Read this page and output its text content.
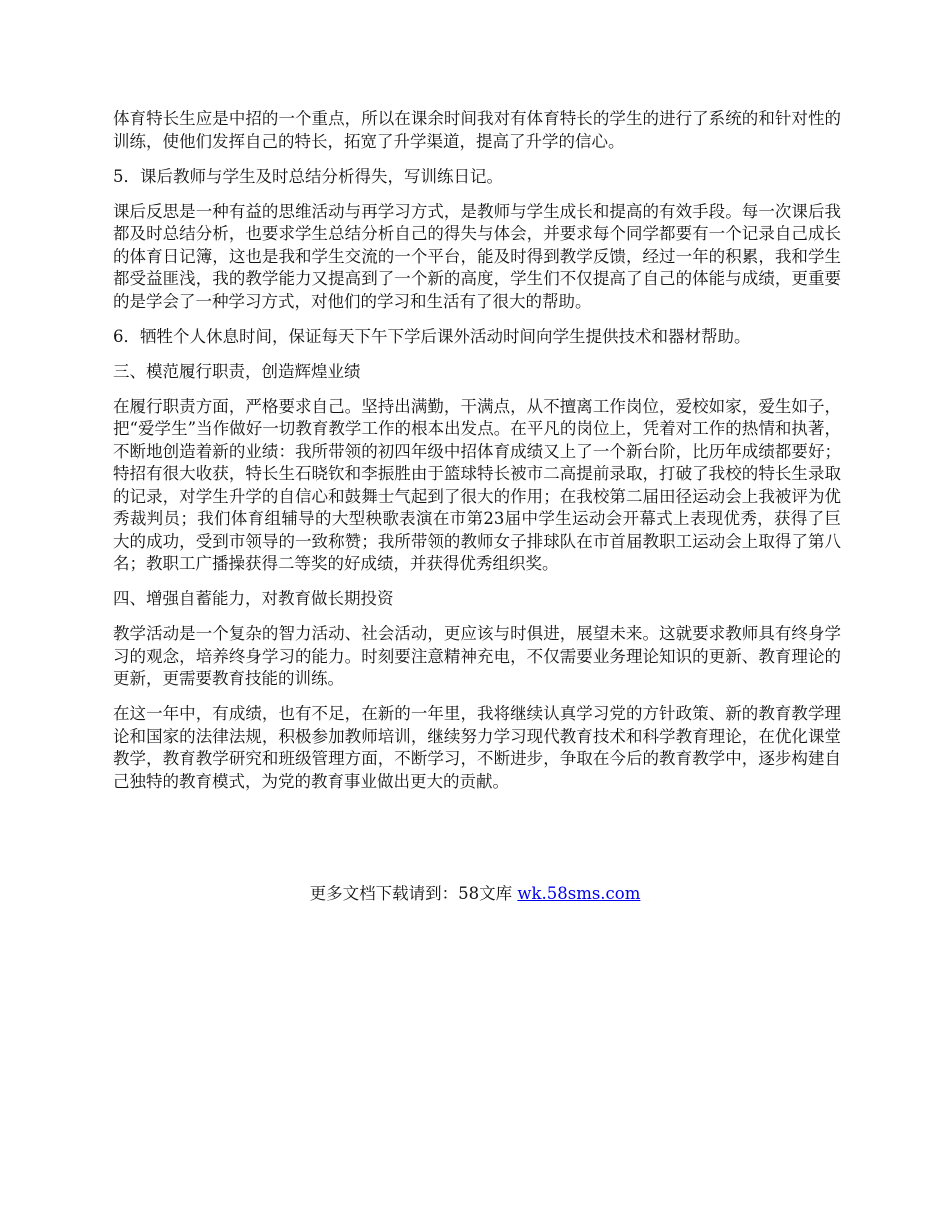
体育特长生应是中招的一个重点，所以在课余时间我对有体育特长的学生的进行了系统的和针对性的训练，使他们发挥自己的特长，拓宽了升学渠道，提高了升学的信心。

5．课后教师与学生及时总结分析得失，写训练日记。

课后反思是一种有益的思维活动与再学习方式，是教师与学生成长和提高的有效手段。每一次课后我都及时总结分析，也要求学生总结分析自己的得失与体会，并要求每个同学都要有一个记录自己成长的体育日记簿，这也是我和学生交流的一个平台，能及时得到教学反馈，经过一年的积累，我和学生都受益匪浅，我的教学能力又提高到了一个新的高度，学生们不仅提高了自己的体能与成绩，更重要的是学会了一种学习方式，对他们的学习和生活有了很大的帮助。

6．牺牲个人休息时间，保证每天下午下学后课外活动时间向学生提供技术和器材帮助。

三、模范履行职责，创造辉煌业绩

在履行职责方面，严格要求自己。坚持出满勤，干满点，从不擅离工作岗位，爱校如家，爱生如子，把“爱学生”当作做好一切教育教学工作的根本出发点。在平凡的岗位上，凭着对工作的热情和执著，不断地创造着新的业绩：我所带领的初四年级中招体育成绩又上了一个新台阶，比历年成绩都要好；特招有很大收获，特长生石晓钦和李振胜由于篮球特长被市二高提前录取，打破了我校的特长生录取的记录，对学生升学的自信心和鼓舞士气起到了很大的作用；在我校第二届田径运动会上我被评为优秀裁判员；我们体育组辅导的大型秧歌表演在市第23届中学生运动会开幕式上表现优秀，获得了巨大的成功，受到市领导的一致称赞；我所带领的教师女子排球队在市首届教职工运动会上取得了第八名；教职工广播操获得二等奖的好成绩，并获得优秀组织奖。

四、增强自蓄能力，对教育做长期投资

教学活动是一个复杂的智力活动、社会活动，更应该与时俱进，展望未来。这就要求教师具有终身学习的观念，培养终身学习的能力。时刻要注意精神充电，不仅需要业务理论知识的更新、教育理论的更新，更需要教育技能的训练。

在这一年中，有成绩，也有不足，在新的一年里，我将继续认真学习党的方针政策、新的教育教学理论和国家的法律法规，积极参加教师培训，继续努力学习现代教育技术和科学教育理论，在优化课堂教学，教育教学研究和班级管理方面，不断学习，不断进步，争取在今后的教育教学中，逐步构建自己独特的教育模式，为党的教育事业做出更大的贡献。

更多文档下载请到：58文库 wk.58sms.com
